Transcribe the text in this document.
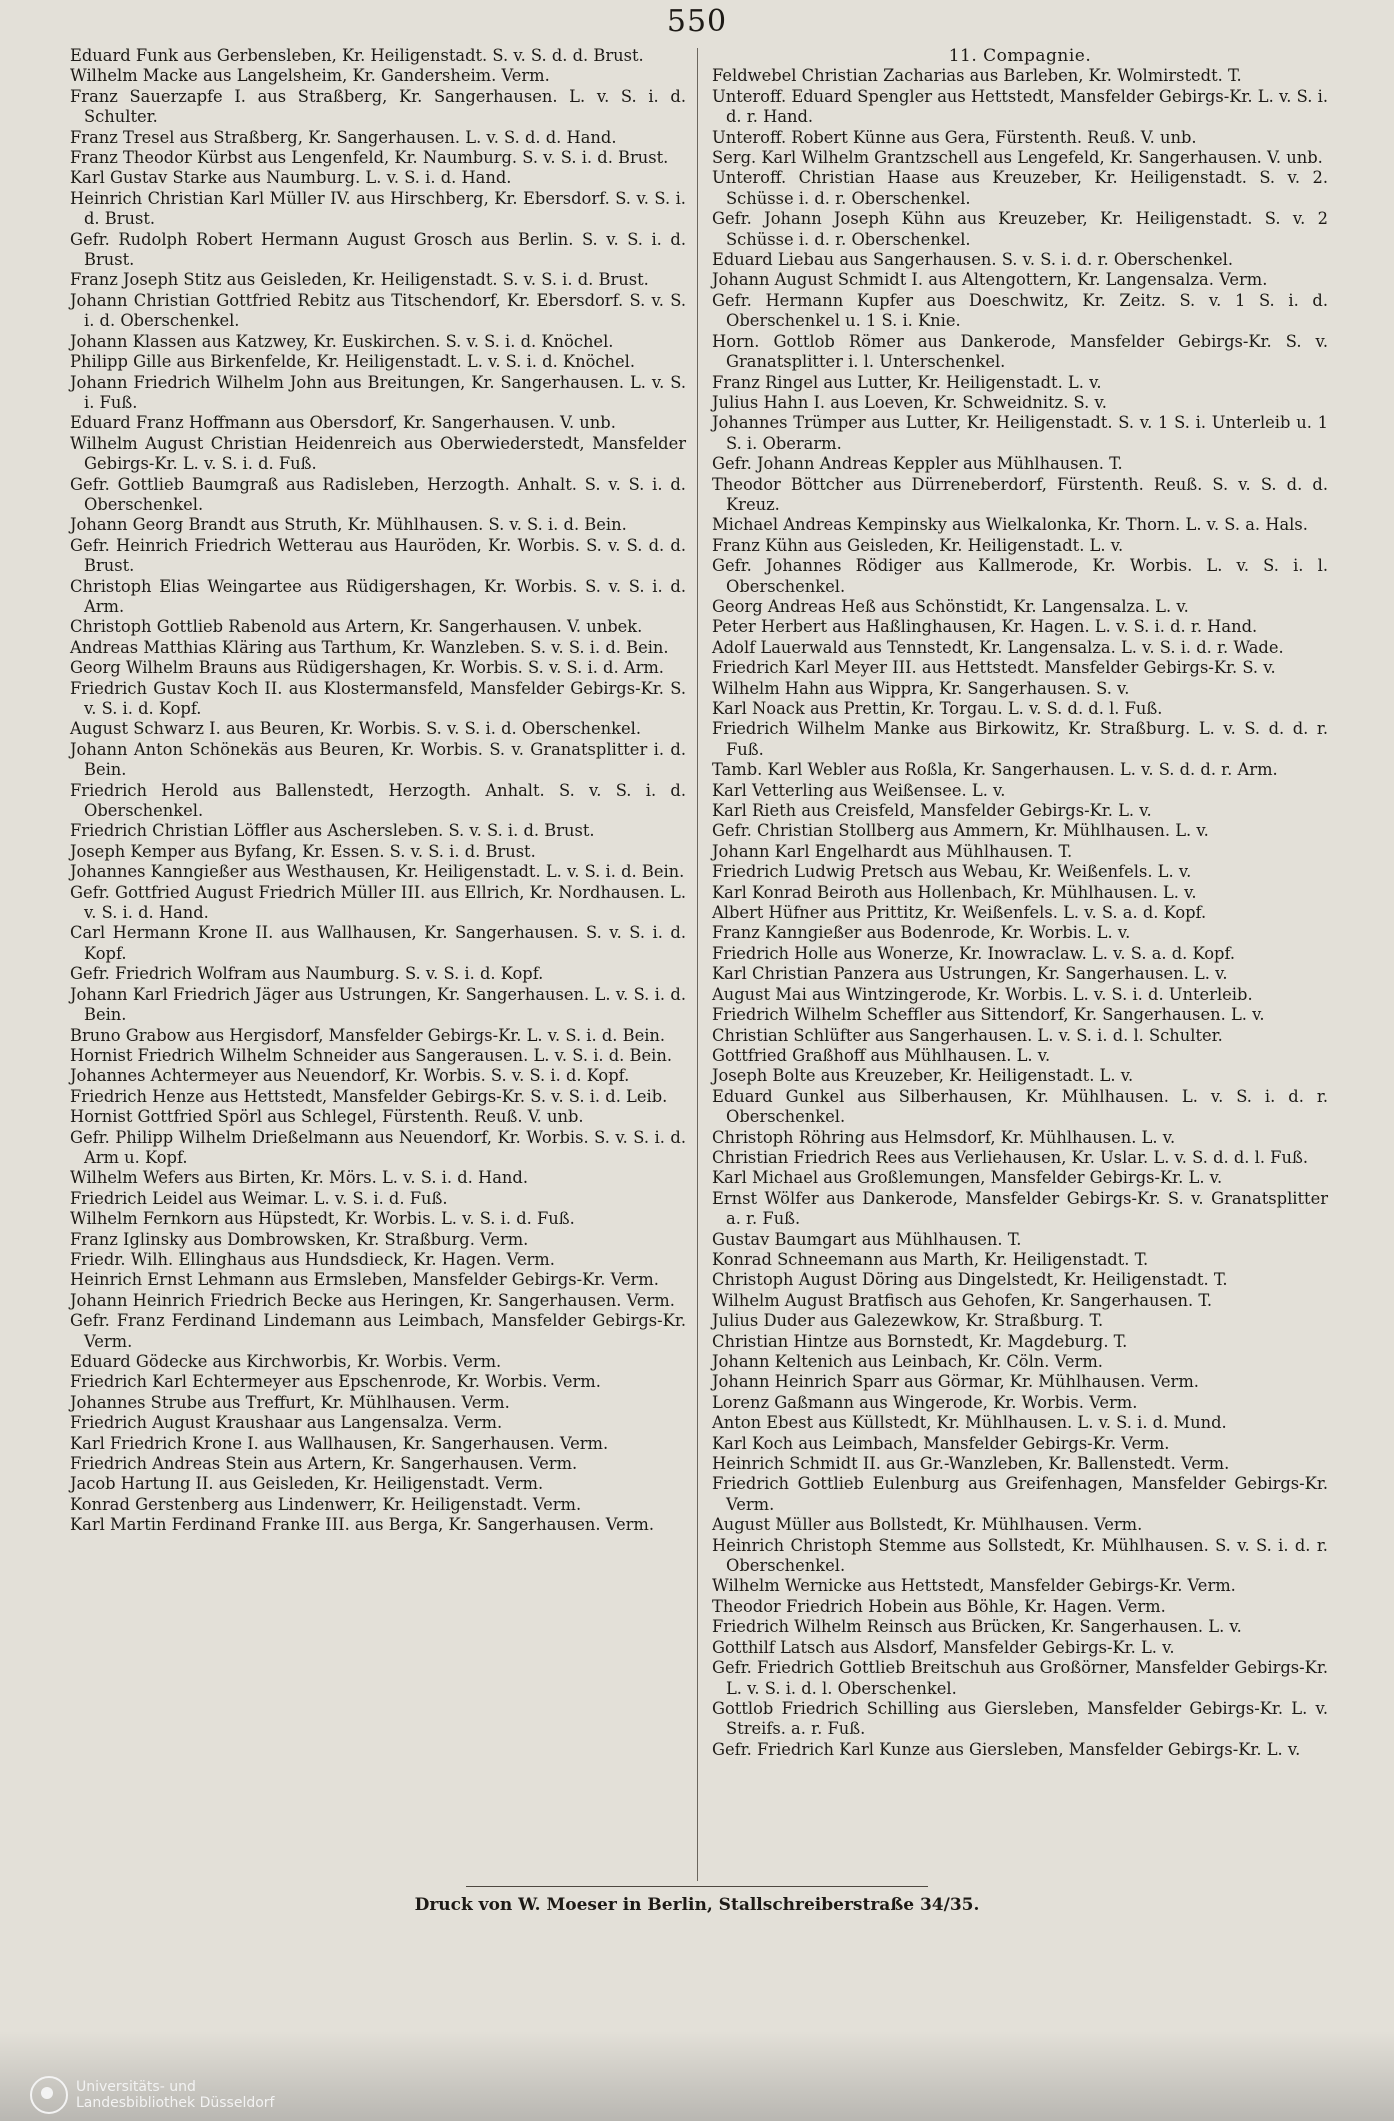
550

Eduard Funk aus Gerbensleben, Kr. Heiligenstadt. S. v. S. d. d. Brust.

Wilhelm Macke aus Langelsheim, Kr. Gandersheim. Verm.

Franz Sauerzapfe I. aus Straßberg, Kr. Sangerhausen. L. v. S. i. d. Schulter.

Franz Tresel aus Straßberg, Kr. Sangerhausen. L. v. S. d. d. Hand.

Franz Theodor Kürbst aus Lengenfeld, Kr. Naumburg. S. v. S. i. d. Brust.

Karl Gustav Starke aus Naumburg. L. v. S. i. d. Hand.

Heinrich Christian Karl Müller IV. aus Hirschberg, Kr. Ebersdorf. S. v. S. i. d. Brust.

Gefr. Rudolph Robert Hermann August Grosch aus Berlin. S. v. S. i. d. Brust.

Franz Joseph Stitz aus Geisleden, Kr. Heiligenstadt. S. v. S. i. d. Brust.

Johann Christian Gottfried Rebitz aus Titschendorf, Kr. Ebersdorf. S. v. S. i. d. Oberschenkel.

Johann Klassen aus Katzwey, Kr. Euskirchen. S. v. S. i. d. Knöchel.

Philipp Gille aus Birkenfelde, Kr. Heiligenstadt. L. v. S. i. d. Knöchel.

Johann Friedrich Wilhelm John aus Breitungen, Kr. Sangerhausen. L. v. S. i. Fuß.

Eduard Franz Hoffmann aus Obersdorf, Kr. Sangerhausen. V. unb.

Wilhelm August Christian Heidenreich aus Oberwiederstedt, Mansfelder Gebirgs-Kr. L. v. S. i. d. Fuß.

Gefr. Gottlieb Baumgraß aus Radisleben, Herzogth. Anhalt. S. v. S. i. d. Oberschenkel.

Johann Georg Brandt aus Struth, Kr. Mühlhausen. S. v. S. i. d. Bein.

Gefr. Heinrich Friedrich Wetterau aus Hauröden, Kr. Worbis. S. v. S. d. d. Brust.

Christoph Elias Weingartee aus Rüdigershagen, Kr. Worbis. S. v. S. i. d. Arm.

Christoph Gottlieb Rabenold aus Artern, Kr. Sangerhausen. V. unbek.

Andreas Matthias Kläring aus Tarthum, Kr. Wanzleben. S. v. S. i. d. Bein.

Georg Wilhelm Brauns aus Rüdigershagen, Kr. Worbis. S. v. S. i. d. Arm.

Friedrich Gustav Koch II. aus Klostermansfeld, Mansfelder Gebirgs-Kr. S. v. S. i. d. Kopf.

August Schwarz I. aus Beuren, Kr. Worbis. S. v. S. i. d. Oberschenkel.

Johann Anton Schönekäs aus Beuren, Kr. Worbis. S. v. Granatsplitter i. d. Bein.

Friedrich Herold aus Ballenstedt, Herzogth. Anhalt. S. v. S. i. d. Oberschenkel.

Friedrich Christian Löffler aus Aschersleben. S. v. S. i. d. Brust.

Joseph Kemper aus Byfang, Kr. Essen. S. v. S. i. d. Brust.

Johannes Kanngießer aus Westhausen, Kr. Heiligenstadt. L. v. S. i. d. Bein.

Gefr. Gottfried August Friedrich Müller III. aus Ellrich, Kr. Nordhausen. L. v. S. i. d. Hand.

Carl Hermann Krone II. aus Wallhausen, Kr. Sangerhausen. S. v. S. i. d. Kopf.

Gefr. Friedrich Wolfram aus Naumburg. S. v. S. i. d. Kopf.

Johann Karl Friedrich Jäger aus Ustrungen, Kr. Sangerhausen. L. v. S. i. d. Bein.

Bruno Grabow aus Hergisdorf, Mansfelder Gebirgs-Kr. L. v. S. i. d. Bein.

Hornist Friedrich Wilhelm Schneider aus Sangerausen. L. v. S. i. d. Bein.

Johannes Achtermeyer aus Neuendorf, Kr. Worbis. S. v. S. i. d. Kopf.

Friedrich Henze aus Hettstedt, Mansfelder Gebirgs-Kr. S. v. S. i. d. Leib.

Hornist Gottfried Spörl aus Schlegel, Fürstenth. Reuß. V. unb.

Gefr. Philipp Wilhelm Drießelmann aus Neuendorf, Kr. Worbis. S. v. S. i. d. Arm u. Kopf.

Wilhelm Wefers aus Birten, Kr. Mörs. L. v. S. i. d. Hand.

Friedrich Leidel aus Weimar. L. v. S. i. d. Fuß.

Wilhelm Fernkorn aus Hüpstedt, Kr. Worbis. L. v. S. i. d. Fuß.

Franz Iglinsky aus Dombrowsken, Kr. Straßburg. Verm.

Friedr. Wilh. Ellinghaus aus Hundsdieck, Kr. Hagen. Verm.

Heinrich Ernst Lehmann aus Ermsleben, Mansfelder Gebirgs-Kr. Verm.

Johann Heinrich Friedrich Becke aus Heringen, Kr. Sangerhausen. Verm.

Gefr. Franz Ferdinand Lindemann aus Leimbach, Mansfelder Gebirgs-Kr. Verm.

Eduard Gödecke aus Kirchworbis, Kr. Worbis. Verm.

Friedrich Karl Echtermeyer aus Epschenrode, Kr. Worbis. Verm.

Johannes Strube aus Treffurt, Kr. Mühlhausen. Verm.

Friedrich August Kraushaar aus Langensalza. Verm.

Karl Friedrich Krone I. aus Wallhausen, Kr. Sangerhausen. Verm.

Friedrich Andreas Stein aus Artern, Kr. Sangerhausen. Verm.

Jacob Hartung II. aus Geisleden, Kr. Heiligenstadt. Verm.

Konrad Gerstenberg aus Lindenwerr, Kr. Heiligenstadt. Verm.

Karl Martin Ferdinand Franke III. aus Berga, Kr. Sangerhausen. Verm.

11. Compagnie.

Feldwebel Christian Zacharias aus Barleben, Kr. Wolmirstedt. T.

Unteroff. Eduard Spengler aus Hettstedt, Mansfelder Gebirgs-Kr. L. v. S. i. d. r. Hand.

Unteroff. Robert Künne aus Gera, Fürstenth. Reuß. V. unb.

Serg. Karl Wilhelm Grantzschell aus Lengefeld, Kr. Sangerhausen. V. unb.

Unteroff. Christian Haase aus Kreuzeber, Kr. Heiligenstadt. S. v. 2. Schüsse i. d. r. Oberschenkel.

Gefr. Johann Joseph Kühn aus Kreuzeber, Kr. Heiligenstadt. S. v. 2 Schüsse i. d. r. Oberschenkel.

Eduard Liebau aus Sangerhausen. S. v. S. i. d. r. Oberschenkel.

Johann August Schmidt I. aus Altengottern, Kr. Langensalza. Verm.

Gefr. Hermann Kupfer aus Doeschwitz, Kr. Zeitz. S. v. 1 S. i. d. Oberschenkel u. 1 S. i. Knie.

Horn. Gottlob Römer aus Dankerode, Mansfelder Gebirgs-Kr. S. v. Granatsplitter i. l. Unterschenkel.

Franz Ringel aus Lutter, Kr. Heiligenstadt. L. v.

Julius Hahn I. aus Loeven, Kr. Schweidnitz. S. v.

Johannes Trümper aus Lutter, Kr. Heiligenstadt. S. v. 1 S. i. Unterleib u. 1 S. i. Oberarm.

Gefr. Johann Andreas Keppler aus Mühlhausen. T.

Theodor Böttcher aus Dürreneberdorf, Fürstenth. Reuß. S. v. S. d. d. Kreuz.

Michael Andreas Kempinsky aus Wielkalonka, Kr. Thorn. L. v. S. a. Hals.

Franz Kühn aus Geisleden, Kr. Heiligenstadt. L. v.

Gefr. Johannes Rödiger aus Kallmerode, Kr. Worbis. L. v. S. i. l. Oberschenkel.

Georg Andreas Heß aus Schönstidt, Kr. Langensalza. L. v.

Peter Herbert aus Haßlinghausen, Kr. Hagen. L. v. S. i. d. r. Hand.

Adolf Lauerwald aus Tennstedt, Kr. Langensalza. L. v. S. i. d. r. Wade.

Friedrich Karl Meyer III. aus Hettstedt. Mansfelder Gebirgs-Kr. S. v.

Wilhelm Hahn aus Wippra, Kr. Sangerhausen. S. v.

Karl Noack aus Prettin, Kr. Torgau. L. v. S. d. d. l. Fuß.

Friedrich Wilhelm Manke aus Birkowitz, Kr. Straßburg. L. v. S. d. d. r. Fuß.

Tamb. Karl Webler aus Roßla, Kr. Sangerhausen. L. v. S. d. d. r. Arm.

Karl Vetterling aus Weißensee. L. v.

Karl Rieth aus Creisfeld, Mansfelder Gebirgs-Kr. L. v.

Gefr. Christian Stollberg aus Ammern, Kr. Mühlhausen. L. v.

Johann Karl Engelhardt aus Mühlhausen. T.

Friedrich Ludwig Pretsch aus Webau, Kr. Weißenfels. L. v.

Karl Konrad Beiroth aus Hollenbach, Kr. Mühlhausen. L. v.

Albert Hüfner aus Prittitz, Kr. Weißenfels. L. v. S. a. d. Kopf.

Franz Kanngießer aus Bodenrode, Kr. Worbis. L. v.

Friedrich Holle aus Wonerze, Kr. Inowraclaw. L. v. S. a. d. Kopf.

Karl Christian Panzera aus Ustrungen, Kr. Sangerhausen. L. v.

August Mai aus Wintzingerode, Kr. Worbis. L. v. S. i. d. Unterleib.

Friedrich Wilhelm Scheffler aus Sittendorf, Kr. Sangerhausen. L. v.

Christian Schlüfter aus Sangerhausen. L. v. S. i. d. l. Schulter.

Gottfried Graßhoff aus Mühlhausen. L. v.

Joseph Bolte aus Kreuzeber, Kr. Heiligenstadt. L. v.

Eduard Gunkel aus Silberhausen, Kr. Mühlhausen. L. v. S. i. d. r. Oberschenkel.

Christoph Röhring aus Helmsdorf, Kr. Mühlhausen. L. v.

Christian Friedrich Rees aus Verliehausen, Kr. Uslar. L. v. S. d. d. l. Fuß.

Karl Michael aus Großlemungen, Mansfelder Gebirgs-Kr. L. v.

Ernst Wölfer aus Dankerode, Mansfelder Gebirgs-Kr. S. v. Granatsplitter a. r. Fuß.

Gustav Baumgart aus Mühlhausen. T.

Konrad Schneemann aus Marth, Kr. Heiligenstadt. T.

Christoph August Döring aus Dingelstedt, Kr. Heiligenstadt. T.

Wilhelm August Bratfisch aus Gehofen, Kr. Sangerhausen. T.

Julius Duder aus Galezewkow, Kr. Straßburg. T.

Christian Hintze aus Bornstedt, Kr. Magdeburg. T.

Johann Keltenich aus Leinbach, Kr. Cöln. Verm.

Johann Heinrich Sparr aus Görmar, Kr. Mühlhausen. Verm.

Lorenz Gaßmann aus Wingerode, Kr. Worbis. Verm.

Anton Ebest aus Küllstedt, Kr. Mühlhausen. L. v. S. i. d. Mund.

Karl Koch aus Leimbach, Mansfelder Gebirgs-Kr. Verm.

Heinrich Schmidt II. aus Gr.-Wanzleben, Kr. Ballenstedt. Verm.

Friedrich Gottlieb Eulenburg aus Greifenhagen, Mansfelder Gebirgs-Kr. Verm.

August Müller aus Bollstedt, Kr. Mühlhausen. Verm.

Heinrich Christoph Stemme aus Sollstedt, Kr. Mühlhausen. S. v. S. i. d. r. Oberschenkel.

Wilhelm Wernicke aus Hettstedt, Mansfelder Gebirgs-Kr. Verm.

Theodor Friedrich Hobein aus Böhle, Kr. Hagen. Verm.

Friedrich Wilhelm Reinsch aus Brücken, Kr. Sangerhausen. L. v.

Gotthilf Latsch aus Alsdorf, Mansfelder Gebirgs-Kr. L. v.

Gefr. Friedrich Gottlieb Breitschuh aus Großörner, Mansfelder Gebirgs-Kr. L. v. S. i. d. l. Oberschenkel.

Gottlob Friedrich Schilling aus Giersleben, Mansfelder Gebirgs-Kr. L. v. Streifs. a. r. Fuß.

Gefr. Friedrich Karl Kunze aus Giersleben, Mansfelder Gebirgs-Kr. L. v.

Druck von W. Moeser in Berlin, Stallschreiberstraße 34/35.
Universitäts- und
Landesbibliothek Düsseldorf
